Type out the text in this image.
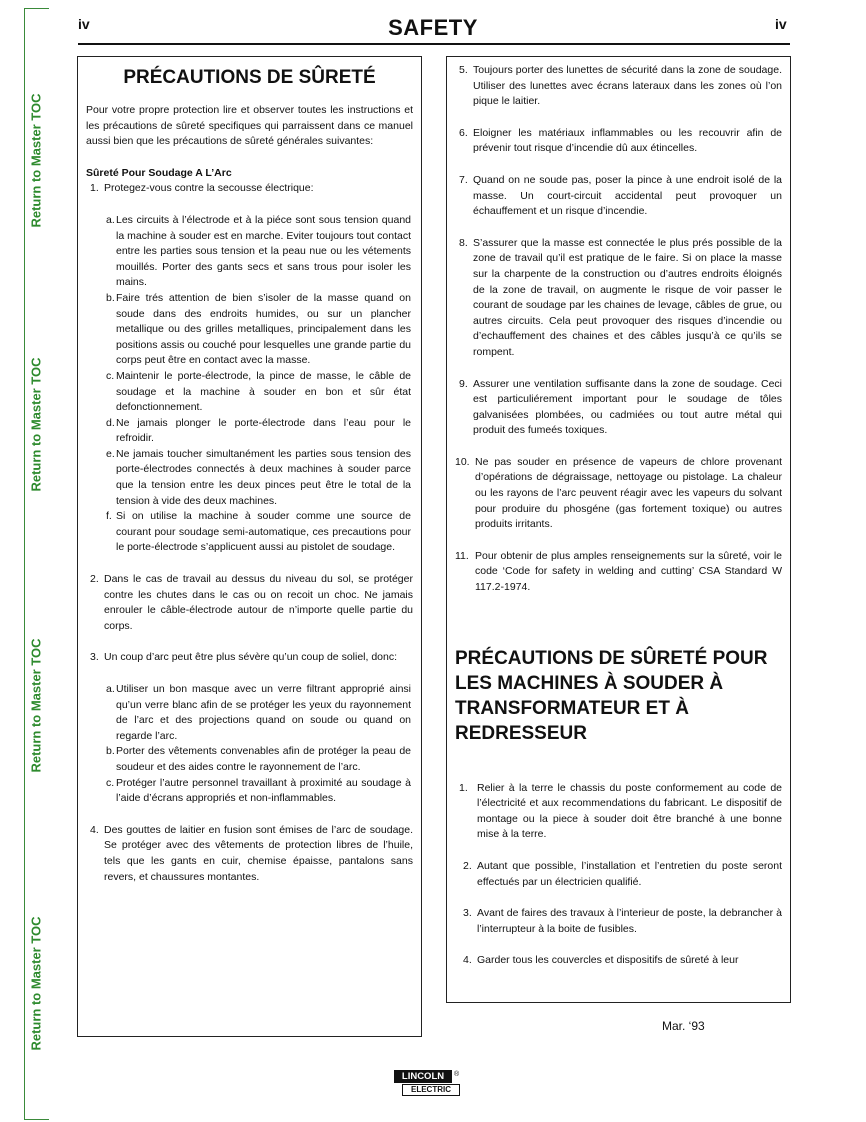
Return to Master TOC
Return to Master TOC
Return to Master TOC
Return to Master TOC
iv	SAFETY	iv
PRÉCAUTIONS DE SÛRETÉ

Pour votre propre protection lire et observer toutes les instructions et les précautions de sûreté specifiques qui parraissent dans ce manuel aussi bien que les précautions de sûreté générales suivantes:

Sûreté Pour Soudage A L’Arc
1. Protegez-vous contre la secousse électrique:
a. Les circuits à l’électrode et à la piéce sont sous tension quand la machine à souder est en marche. Eviter toujours tout contact entre les parties sous tension et la peau nue ou les vétements mouillés. Porter des gants secs et sans trous pour isoler les mains.
b. Faire trés attention de bien s’isoler de la masse quand on soude dans des endroits humides, ou sur un plancher metallique ou des grilles metalliques, principalement dans les positions assis ou couché pour lesquelles une grande partie du corps peut être en contact avec la masse.
c. Maintenir le porte-électrode, la pince de masse, le câble de soudage et la machine à souder en bon et sûr état defonctionnement.
d. Ne jamais plonger le porte-électrode dans l’eau pour le refroidir.
e. Ne jamais toucher simultanément les parties sous tension des porte-électrodes connectés à deux machines à souder parce que la tension entre les deux pinces peut être le total de la tension à vide des deux machines.
f. Si on utilise la machine à souder comme une source de courant pour soudage semi-automatique, ces precautions pour le porte-électrode s’applicuent aussi au pistolet de soudage.
2. Dans le cas de travail au dessus du niveau du sol, se protéger contre les chutes dans le cas ou on recoit un choc. Ne jamais enrouler le câble-électrode autour de n’importe quelle partie du corps.
3. Un coup d’arc peut être plus sévère qu’un coup de soliel, donc:
a. Utiliser un bon masque avec un verre filtrant approprié ainsi qu’un verre blanc afin de se protéger les yeux du rayonnement de l’arc et des projections quand on soude ou quand on regarde l’arc.
b. Porter des vêtements convenables afin de protéger la peau de soudeur et des aides contre le rayonnement de l’arc.
c. Protéger l’autre personnel travaillant à proximité au soudage à l’aide d’écrans appropriés et non-inflammables.
4. Des gouttes de laitier en fusion sont émises de l’arc de soudage. Se protéger avec des vêtements de protection libres de l’huile, tels que les gants en cuir, chemise épaisse, pantalons sans revers, et chaussures montantes.
5. Toujours porter des lunettes de sécurité dans la zone de soudage. Utiliser des lunettes avec écrans lateraux dans les zones où l’on pique le laitier.
6. Eloigner les matériaux inflammables ou les recouvrir afin de prévenir tout risque d’incendie dû aux étincelles.
7. Quand on ne soude pas, poser la pince à une endroit isolé de la masse. Un court-circuit accidental peut provoquer un échauffement et un risque d’incendie.
8. S’assurer que la masse est connectée le plus prés possible de la zone de travail qu’il est pratique de le faire. Si on place la masse sur la charpente de la construction ou d’autres endroits éloignés de la zone de travail, on augmente le risque de voir passer le courant de soudage par les chaines de levage, câbles de grue, ou autres circuits. Cela peut provoquer des risques d’incendie ou d’echauffement des chaines et des câbles jusqu’à ce qu’ils se rompent.
9. Assurer une ventilation suffisante dans la zone de soudage. Ceci est particuliérement important pour le soudage de tôles galvanisées plombées, ou cadmiées ou tout autre métal qui produit des fumeés toxiques.
10. Ne pas souder en présence de vapeurs de chlore provenant d’opérations de dégraissage, nettoyage ou pistolage. La chaleur ou les rayons de l’arc peuvent réagir avec les vapeurs du solvant pour produire du phosgéne (gas fortement toxique) ou autres produits irritants.
11. Pour obtenir de plus amples renseignements sur la sûreté, voir le code ‘Code for safety in welding and cutting’ CSA Standard W 117.2-1974.
PRÉCAUTIONS DE SÛRETÉ POUR LES MACHINES À SOUDER À TRANSFORMATEUR ET À REDRESSEUR
1. Relier à la terre le chassis du poste conformement au code de l’électricité et aux recommendations du fabricant. Le dispositif de montage ou la piece à souder doit être branché à une bonne mise à la terre.
2. Autant que possible, l’installation et l’entretien du poste seront effectués par un électricien qualifié.
3. Avant de faires des travaux à l’interieur de poste, la debrancher à l’interrupteur à la boite de fusibles.
4. Garder tous les couvercles et dispositifs de sûreté à leur
Mar. ‘93
LINCOLN	®
ELECTRIC
